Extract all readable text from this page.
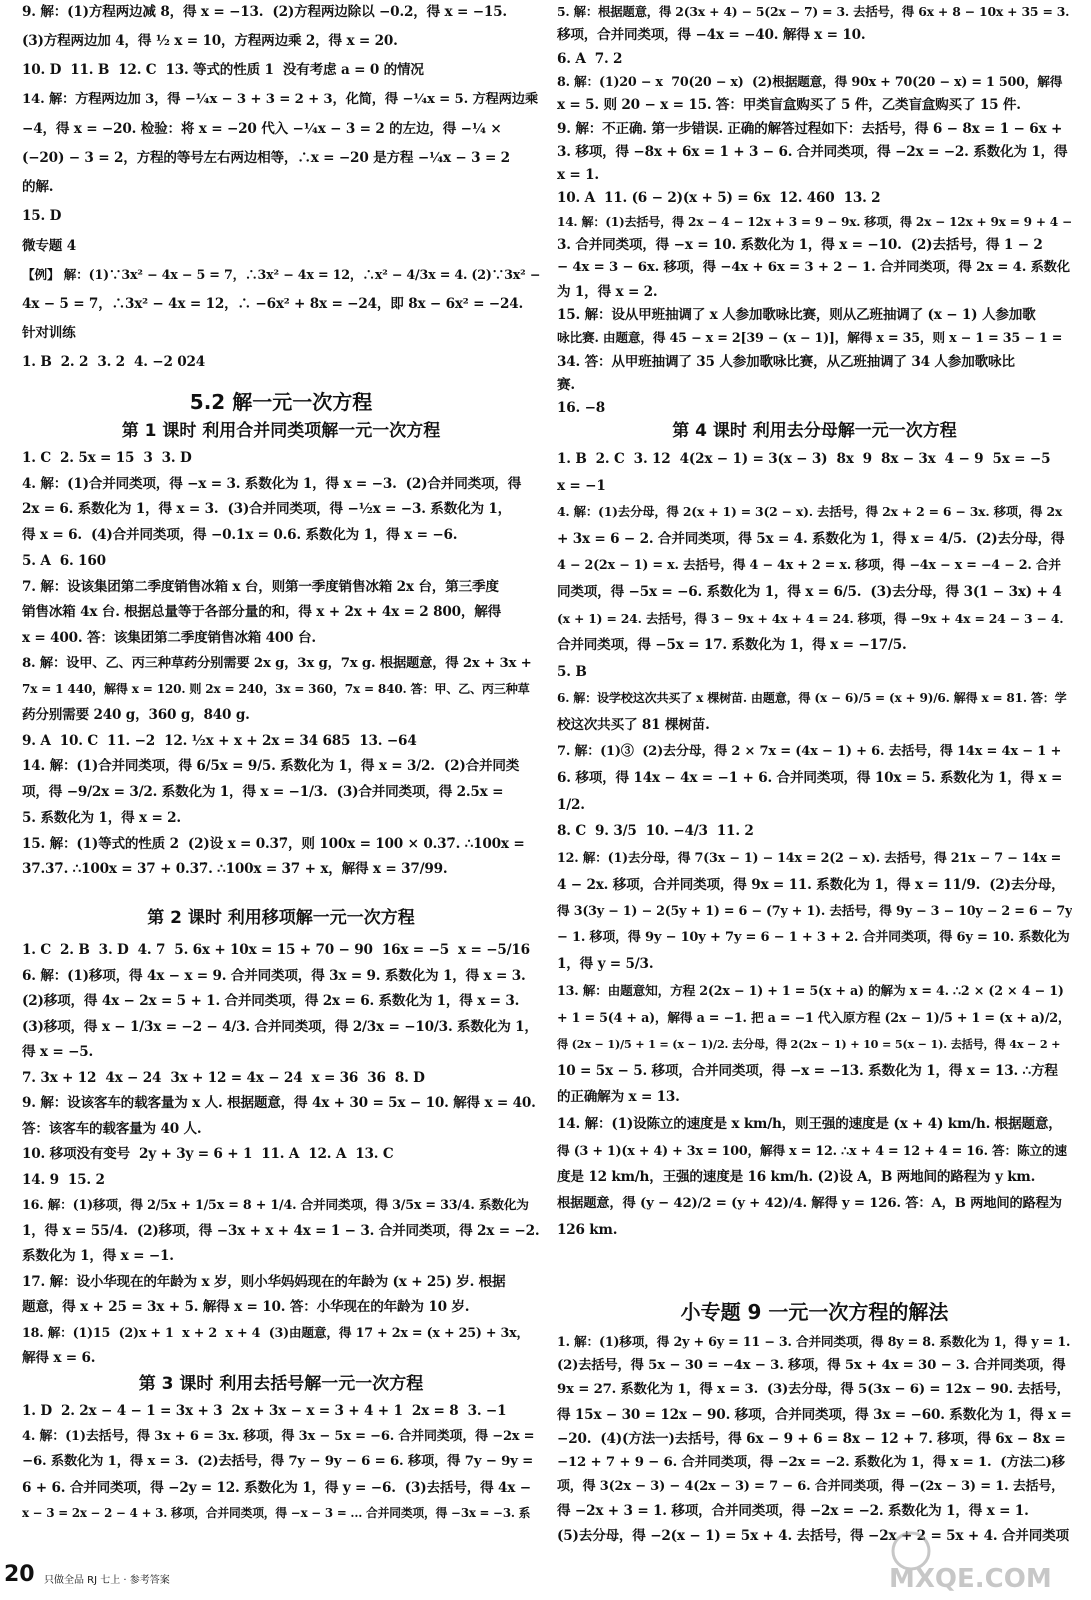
9. 解：(1)方程两边减 8，得 x = −13.  (2)方程两边除以 −0.2，得 x = −15.
(3)方程两边加 4，得 ½ x = 10，方程两边乘 2，得 x = 20.
10. D  11. B  12. C  13. 等式的性质 1  没有考虑 a = 0 的情况
14. 解：方程两边加 3，得 −¼x − 3 + 3 = 2 + 3，化简，得 −¼x = 5. 方程两边乘
−4，得 x = −20. 检验：将 x = −20 代入 −¼x − 3 = 2 的左边，得 −¼ ×
(−20) − 3 = 2，方程的等号左右两边相等，∴x = −20 是方程 −¼x − 3 = 2
的解.
15. D
微专题 4
【例】 解：(1)∵3x² − 4x − 5 = 7，∴3x² − 4x = 12，∴x² − 4/3x = 4. (2)∵3x² −
4x − 5 = 7，∴3x² − 4x = 12，∴ −6x² + 8x = −24，即 8x − 6x² = −24.
针对训练
1. B  2. 2  3. 2  4. −2 024
5.2 解一元一次方程
第 1 课时 利用合并同类项解一元一次方程
1. C  2. 5x = 15  3  3. D
4. 解：(1)合并同类项，得 −x = 3. 系数化为 1，得 x = −3.  (2)合并同类项，得
2x = 6. 系数化为 1，得 x = 3.  (3)合并同类项，得 −½x = −3. 系数化为 1，
得 x = 6.  (4)合并同类项，得 −0.1x = 0.6. 系数化为 1，得 x = −6.
5. A  6. 160
7. 解：设该集团第二季度销售冰箱 x 台，则第一季度销售冰箱 2x 台，第三季度
销售冰箱 4x 台. 根据总量等于各部分量的和，得 x + 2x + 4x = 2 800，解得
x = 400. 答：该集团第二季度销售冰箱 400 台.
8. 解：设甲、乙、丙三种草药分别需要 2x g，3x g，7x g. 根据题意，得 2x + 3x +
7x = 1 440，解得 x = 120. 则 2x = 240，3x = 360，7x = 840. 答：甲、乙、丙三种草
药分别需要 240 g，360 g，840 g.
9. A  10. C  11. −2  12. ½x + x + 2x = 34 685  13. −64
14. 解：(1)合并同类项，得 6/5x = 9/5. 系数化为 1，得 x = 3/2.  (2)合并同类
项，得 −9/2x = 3/2. 系数化为 1，得 x = −1/3.  (3)合并同类项，得 2.5x =
5. 系数化为 1，得 x = 2.
15. 解：(1)等式的性质 2  (2)设 x = 0.37̇，则 100x = 100 × 0.37̇. ∴100x =
37.37̇. ∴100x = 37 + 0.37̇. ∴100x = 37 + x，解得 x = 37/99.
第 2 课时 利用移项解一元一次方程
1. C  2. B  3. D  4. 7  5. 6x + 10x = 15 + 70 − 90  16x = −5  x = −5/16
6. 解：(1)移项，得 4x − x = 9. 合并同类项，得 3x = 9. 系数化为 1，得 x = 3.
(2)移项，得 4x − 2x = 5 + 1. 合并同类项，得 2x = 6. 系数化为 1，得 x = 3.
(3)移项，得 x − 1/3x = −2 − 4/3. 合并同类项，得 2/3x = −10/3. 系数化为 1，
得 x = −5.
7. 3x + 12  4x − 24  3x + 12 = 4x − 24  x = 36  36  8. D
9. 解：设该客车的载客量为 x 人. 根据题意，得 4x + 30 = 5x − 10. 解得 x = 40.
答：该客车的载客量为 40 人.
10. 移项没有变号  2y + 3y = 6 + 1  11. A  12. A  13. C
14. 9  15. 2
16. 解：(1)移项，得 2/5x + 1/5x = 8 + 1/4. 合并同类项，得 3/5x = 33/4. 系数化为
1，得 x = 55/4.  (2)移项，得 −3x + x + 4x = 1 − 3. 合并同类项，得 2x = −2.
系数化为 1，得 x = −1.
17. 解：设小华现在的年龄为 x 岁，则小华妈妈现在的年龄为 (x + 25) 岁. 根据
题意，得 x + 25 = 3x + 5. 解得 x = 10. 答：小华现在的年龄为 10 岁.
18. 解：(1)15  (2)x + 1  x + 2  x + 4  (3)由题意，得 17 + 2x = (x + 25) + 3x，
解得 x = 6.
第 3 课时 利用去括号解一元一次方程
1. D  2. 2x − 4 − 1 = 3x + 3  2x + 3x − x = 3 + 4 + 1  2x = 8  3. −1
4. 解：(1)去括号，得 3x + 6 = 3x. 移项，得 3x − 5x = −6. 合并同类项，得 −2x =
−6. 系数化为 1，得 x = 3.  (2)去括号，得 7y − 9y − 6 = 6. 移项，得 7y − 9y =
6 + 6. 合并同类项，得 −2y = 12. 系数化为 1，得 y = −6.  (3)去括号，得 4x −
x − 3 = 2x − 2 − 4 + 3. 移项，合并同类项，得 −x − 3 = ... 合并同类项，得 −3x = −3. 系
5. 解：根据题意，得 2(3x + 4) − 5(2x − 7) = 3. 去括号，得 6x + 8 − 10x + 35 = 3.
移项，合并同类项，得 −4x = −40. 解得 x = 10.
6. A  7. 2
8. 解：(1)20 − x  70(20 − x)  (2)根据题意，得 90x + 70(20 − x) = 1 500，解得
x = 5. 则 20 − x = 15. 答：甲类盲盒购买了 5 件，乙类盲盒购买了 15 件.
9. 解：不正确. 第一步错误. 正确的解答过程如下：去括号，得 6 − 8x = 1 − 6x +
3. 移项，得 −8x + 6x = 1 + 3 − 6. 合并同类项，得 −2x = −2. 系数化为 1，得
x = 1.
10. A  11. (6 − 2)(x + 5) = 6x  12. 460  13. 2
14. 解：(1)去括号，得 2x − 4 − 12x + 3 = 9 − 9x. 移项，得 2x − 12x + 9x = 9 + 4 −
3. 合并同类项，得 −x = 10. 系数化为 1，得 x = −10.  (2)去括号，得 1 − 2
− 4x = 3 − 6x. 移项，得 −4x + 6x = 3 + 2 − 1. 合并同类项，得 2x = 4. 系数化
为 1，得 x = 2.
15. 解：设从甲班抽调了 x 人参加歌咏比赛，则从乙班抽调了 (x − 1) 人参加歌
咏比赛. 由题意，得 45 − x = 2[39 − (x − 1)]，解得 x = 35，则 x − 1 = 35 − 1 =
34. 答：从甲班抽调了 35 人参加歌咏比赛，从乙班抽调了 34 人参加歌咏比
赛.
16. −8
第 4 课时 利用去分母解一元一次方程
1. B  2. C  3. 12  4(2x − 1) = 3(x − 3)  8x  9  8x − 3x  4 − 9  5x = −5
x = −1
4. 解：(1)去分母，得 2(x + 1) = 3(2 − x). 去括号，得 2x + 2 = 6 − 3x. 移项，得 2x
+ 3x = 6 − 2. 合并同类项，得 5x = 4. 系数化为 1，得 x = 4/5.  (2)去分母，得
4 − 2(2x − 1) = x. 去括号，得 4 − 4x + 2 = x. 移项，得 −4x − x = −4 − 2. 合并
同类项，得 −5x = −6. 系数化为 1，得 x = 6/5.  (3)去分母，得 3(1 − 3x) + 4
(x + 1) = 24. 去括号，得 3 − 9x + 4x + 4 = 24. 移项，得 −9x + 4x = 24 − 3 − 4.
合并同类项，得 −5x = 17. 系数化为 1，得 x = −17/5.
5. B
6. 解：设学校这次共买了 x 棵树苗. 由题意，得 (x − 6)/5 = (x + 9)/6. 解得 x = 81. 答：学
校这次共买了 81 棵树苗.
7. 解：(1)③  (2)去分母，得 2 × 7x = (4x − 1) + 6. 去括号，得 14x = 4x − 1 +
6. 移项，得 14x − 4x = −1 + 6. 合并同类项，得 10x = 5. 系数化为 1，得 x =
1/2.
8. C  9. 3/5  10. −4/3  11. 2
12. 解：(1)去分母，得 7(3x − 1) − 14x = 2(2 − x). 去括号，得 21x − 7 − 14x =
4 − 2x. 移项，合并同类项，得 9x = 11. 系数化为 1，得 x = 11/9.  (2)去分母，
得 3(3y − 1) − 2(5y + 1) = 6 − (7y + 1). 去括号，得 9y − 3 − 10y − 2 = 6 − 7y
− 1. 移项，得 9y − 10y + 7y = 6 − 1 + 3 + 2. 合并同类项，得 6y = 10. 系数化为
1，得 y = 5/3.
13. 解：由题意知，方程 2(2x − 1) + 1 = 5(x + a) 的解为 x = 4. ∴2 × (2 × 4 − 1)
+ 1 = 5(4 + a)，解得 a = −1. 把 a = −1 代入原方程 (2x − 1)/5 + 1 = (x + a)/2，
得 (2x − 1)/5 + 1 = (x − 1)/2. 去分母，得 2(2x − 1) + 10 = 5(x − 1). 去括号，得 4x − 2 +
10 = 5x − 5. 移项，合并同类项，得 −x = −13. 系数化为 1，得 x = 13. ∴方程
的正确解为 x = 13.
14. 解：(1)设陈立的速度是 x km/h，则王强的速度是 (x + 4) km/h. 根据题意，
得 (3 + 1)(x + 4) + 3x = 100，解得 x = 12. ∴x + 4 = 12 + 4 = 16. 答：陈立的速
度是 12 km/h，王强的速度是 16 km/h. (2)设 A，B 两地间的路程为 y km.
根据题意，得 (y − 42)/2 = (y + 42)/4. 解得 y = 126. 答：A，B 两地间的路程为
126 km.
小专题 9 一元一次方程的解法
1. 解：(1)移项，得 2y + 6y = 11 − 3. 合并同类项，得 8y = 8. 系数化为 1，得 y = 1.
(2)去括号，得 5x − 30 = −4x − 3. 移项，得 5x + 4x = 30 − 3. 合并同类项，得
9x = 27. 系数化为 1，得 x = 3.  (3)去分母，得 5(3x − 6) = 12x − 90. 去括号，
得 15x − 30 = 12x − 90. 移项，合并同类项，得 3x = −60. 系数化为 1，得 x =
−20.  (4)(方法一)去括号，得 6x − 9 + 6 = 8x − 12 + 7. 移项，得 6x − 8x =
−12 + 7 + 9 − 6. 合并同类项，得 −2x = −2. 系数化为 1，得 x = 1.  (方法二)移
项，得 3(2x − 3) − 4(2x − 3) = 7 − 6. 合并同类项，得 −(2x − 3) = 1. 去括号，
得 −2x + 3 = 1. 移项，合并同类项，得 −2x = −2. 系数化为 1，得 x = 1.
(5)去分母，得 −2(x − 1) = 5x + 4. 去括号，得 −2x + 2 = 5x + 4. 合并同类项
20 只做全品 RJ 七上 · 参考答案	MXQE.COM
